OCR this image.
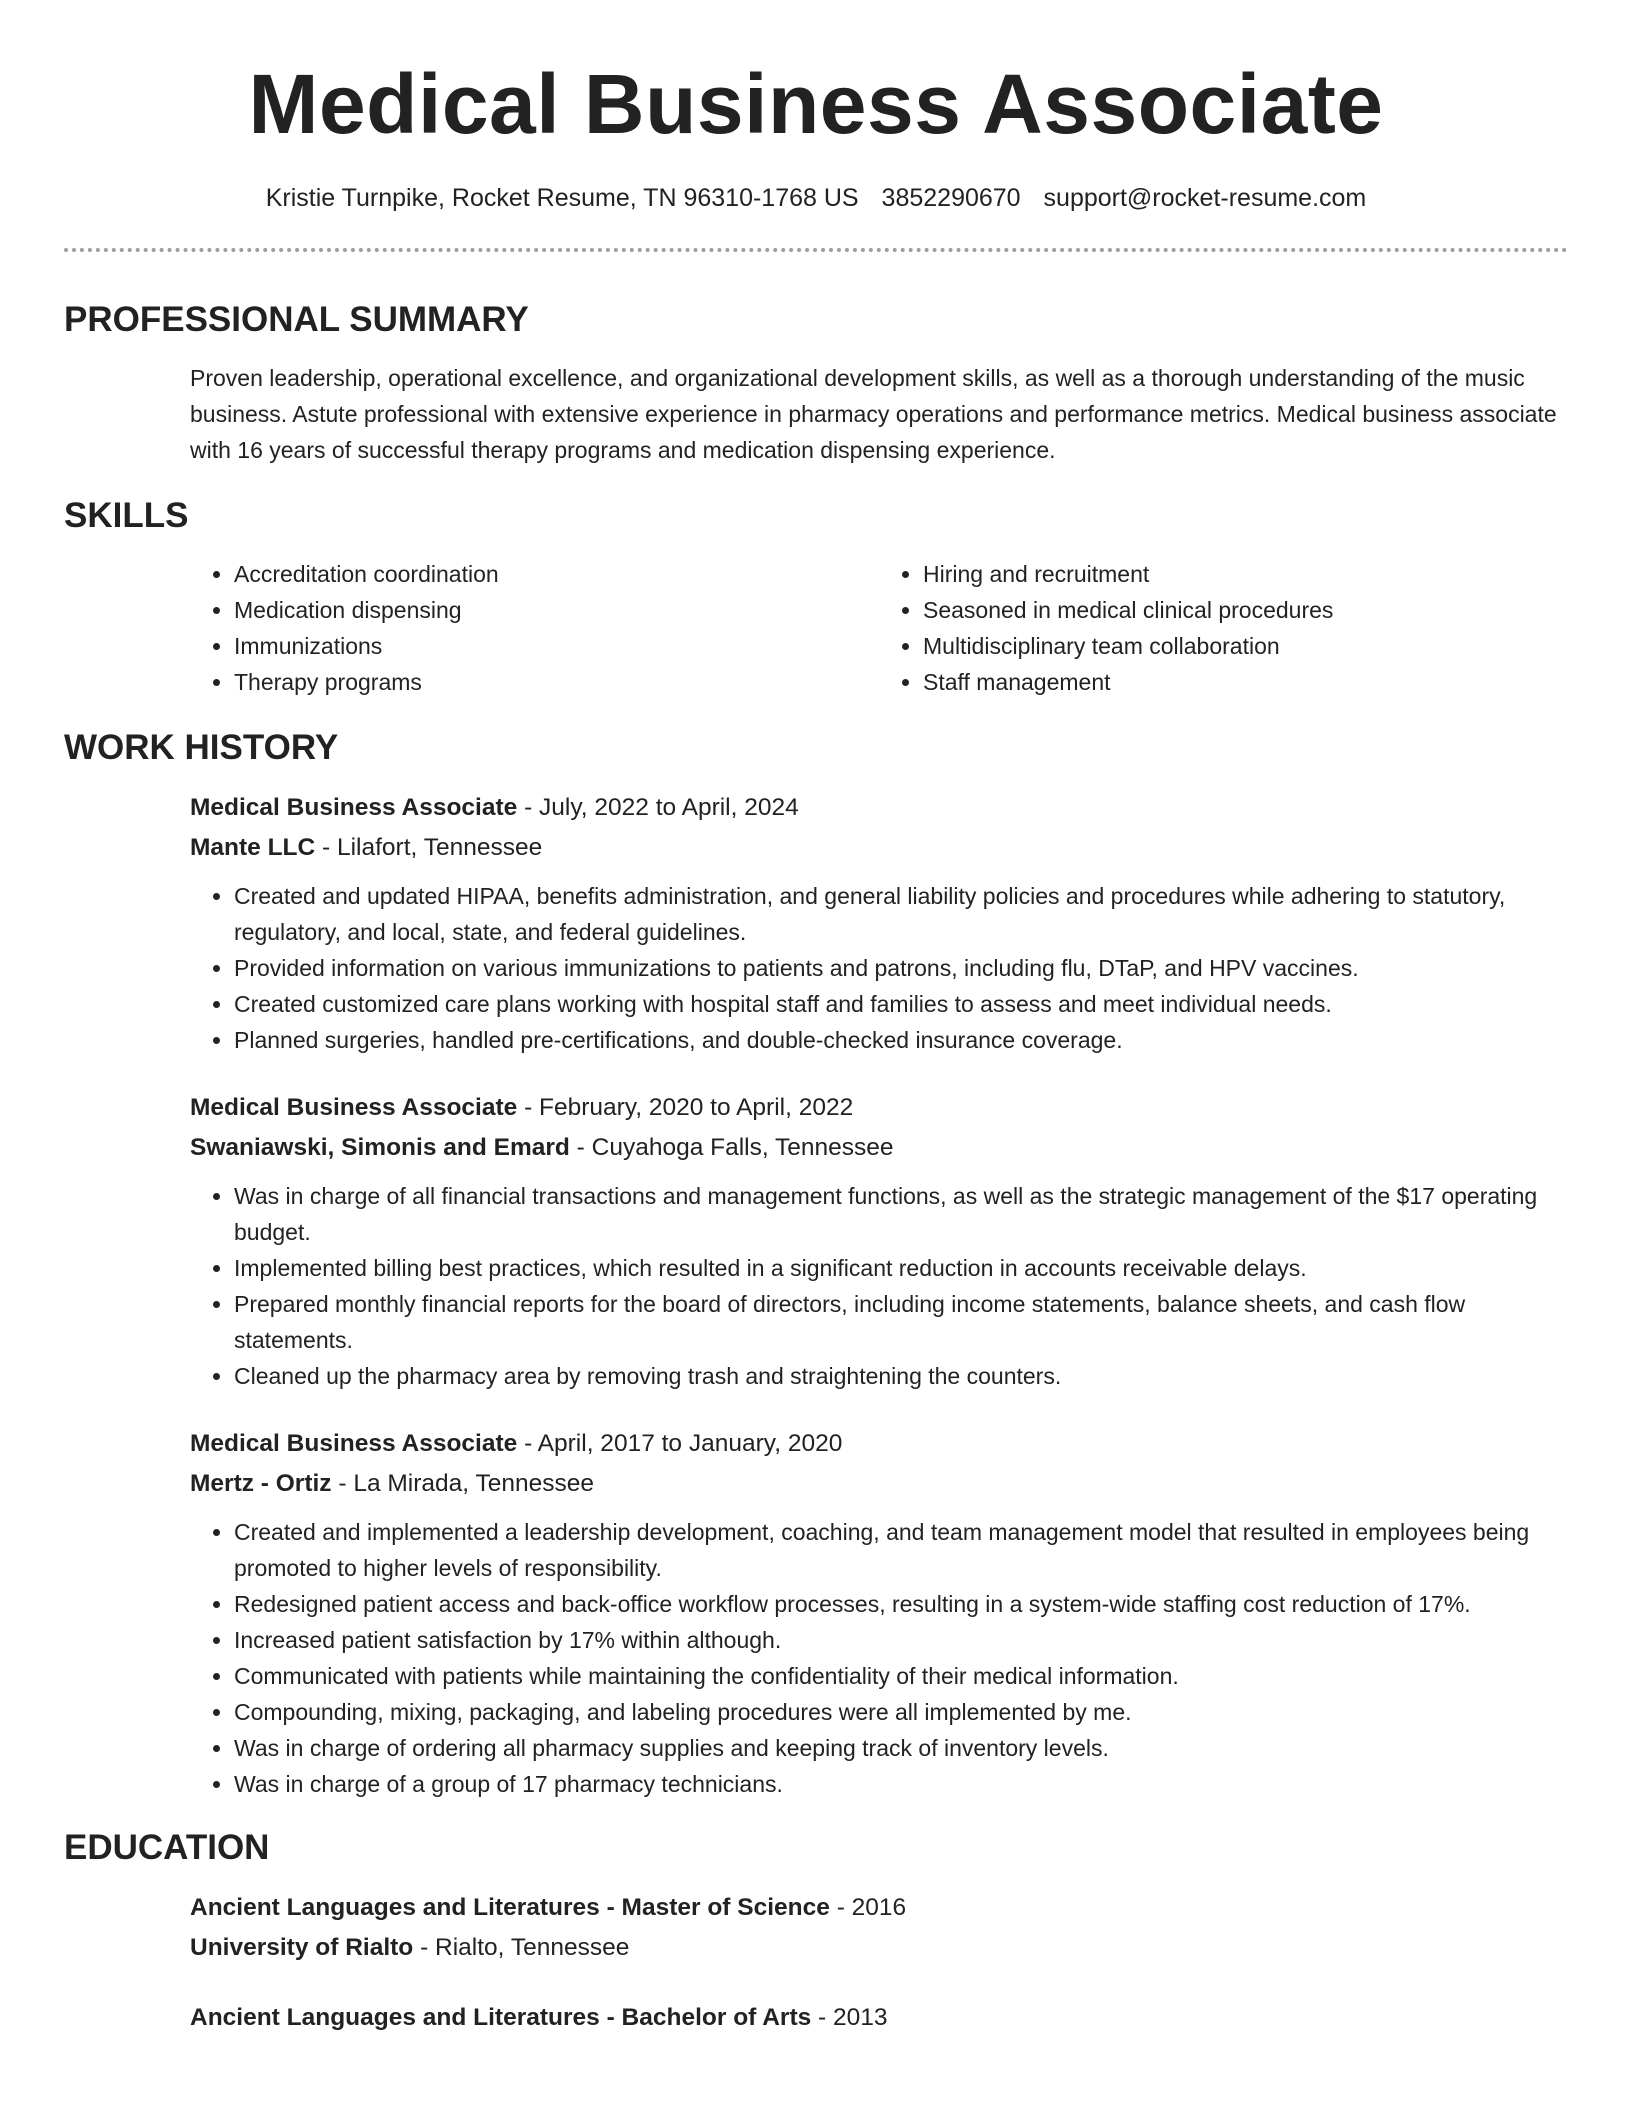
Medical Business Associate
Kristie Turnpike, Rocket Resume, TN 96310-1768 US 3852290670 support@rocket-resume.com
PROFESSIONAL SUMMARY

Proven leadership, operational excellence, and organizational development skills, as well as a thorough understanding of the music business. Astute professional with extensive experience in pharmacy operations and performance metrics. Medical business associate with 16 years of successful therapy programs and medication dispensing experience.

SKILLS
• Accreditation coordination
• Medication dispensing
• Immunizations
• Therapy programs
• Hiring and recruitment
• Seasoned in medical clinical procedures
• Multidisciplinary team collaboration
• Staff management
WORK HISTORY
Medical Business Associate - July, 2022 to April, 2024
Mante LLC - Lilafort, Tennessee
• Created and updated HIPAA, benefits administration, and general liability policies and procedures while adhering to statutory, regulatory, and local, state, and federal guidelines.
• Provided information on various immunizations to patients and patrons, including flu, DTaP, and HPV vaccines.
• Created customized care plans working with hospital staff and families to assess and meet individual needs.
• Planned surgeries, handled pre-certifications, and double-checked insurance coverage.
Medical Business Associate - February, 2020 to April, 2022
Swaniawski, Simonis and Emard - Cuyahoga Falls, Tennessee
• Was in charge of all financial transactions and management functions, as well as the strategic management of the $17 operating budget.
• Implemented billing best practices, which resulted in a significant reduction in accounts receivable delays.
• Prepared monthly financial reports for the board of directors, including income statements, balance sheets, and cash flow statements.
• Cleaned up the pharmacy area by removing trash and straightening the counters.
Medical Business Associate - April, 2017 to January, 2020
Mertz - Ortiz - La Mirada, Tennessee
• Created and implemented a leadership development, coaching, and team management model that resulted in employees being promoted to higher levels of responsibility.
• Redesigned patient access and back-office workflow processes, resulting in a system-wide staffing cost reduction of 17%.
• Increased patient satisfaction by 17% within although.
• Communicated with patients while maintaining the confidentiality of their medical information.
• Compounding, mixing, packaging, and labeling procedures were all implemented by me.
• Was in charge of ordering all pharmacy supplies and keeping track of inventory levels.
• Was in charge of a group of 17 pharmacy technicians.
EDUCATION
Ancient Languages and Literatures - Master of Science - 2016
University of Rialto - Rialto, Tennessee
Ancient Languages and Literatures - Bachelor of Arts - 2013
